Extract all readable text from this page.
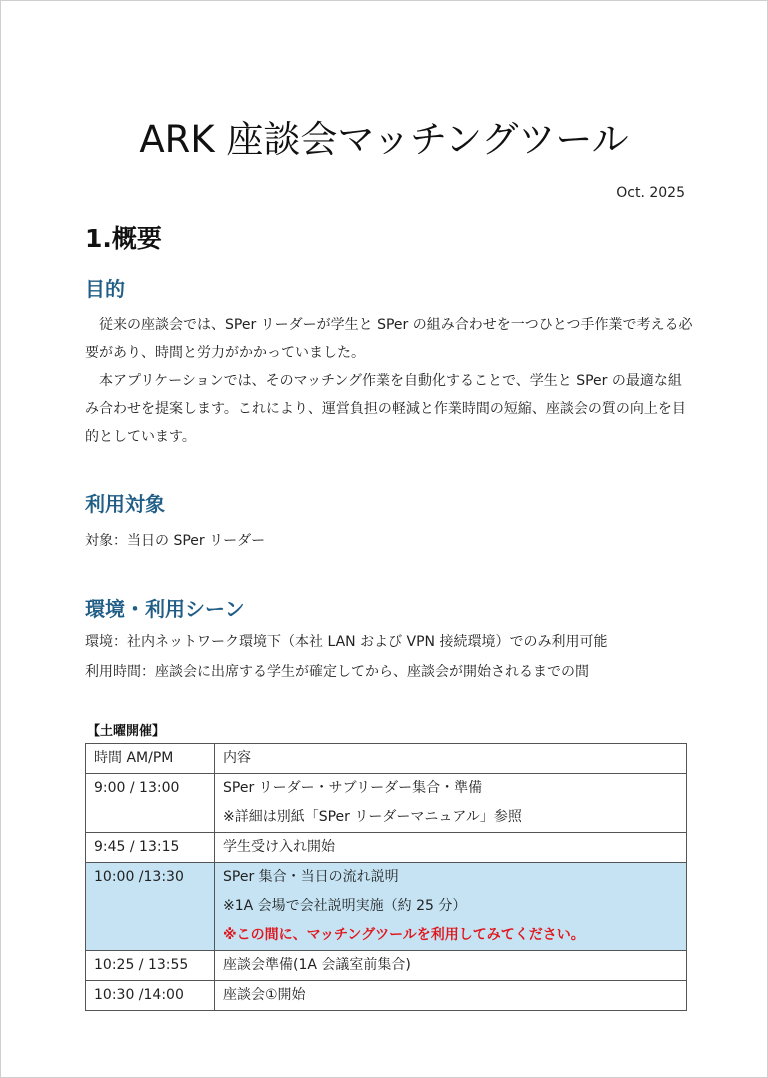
ARK 座談会マッチングツール
Oct. 2025
1.概要
目的

従来の座談会では、SPer リーダーが学生と SPer の組み合わせを一つひとつ手作業で考える必要があり、時間と労力がかかっていました。

本アプリケーションでは、そのマッチング作業を自動化することで、学生と SPer の最適な組み合わせを提案します。これにより、運営負担の軽減と作業時間の短縮、座談会の質の向上を目的としています。

利用対象
対象：当日の SPer リーダー
環境・利用シーン
環境：社内ネットワーク環境下（本社 LAN および VPN 接続環境）でのみ利用可能
利用時間：座談会に出席する学生が確定してから、座談会が開始されるまでの間
【土曜開催】
時間 AM/PM	内容

9:00 / 13:00	SPer リーダー・サブリーダー集合・準備
※詳細は別紙「SPer リーダーマニュアル」参照

9:45 / 13:15	学生受け入れ開始

10:00 /13:30	SPer 集合・当日の流れ説明
※1A 会場で会社説明実施（約 25 分）
※この間に、マッチングツールを利用してみてください。

10:25 / 13:55	座談会準備(1A 会議室前集合)

10:30 /14:00	座談会①開始
